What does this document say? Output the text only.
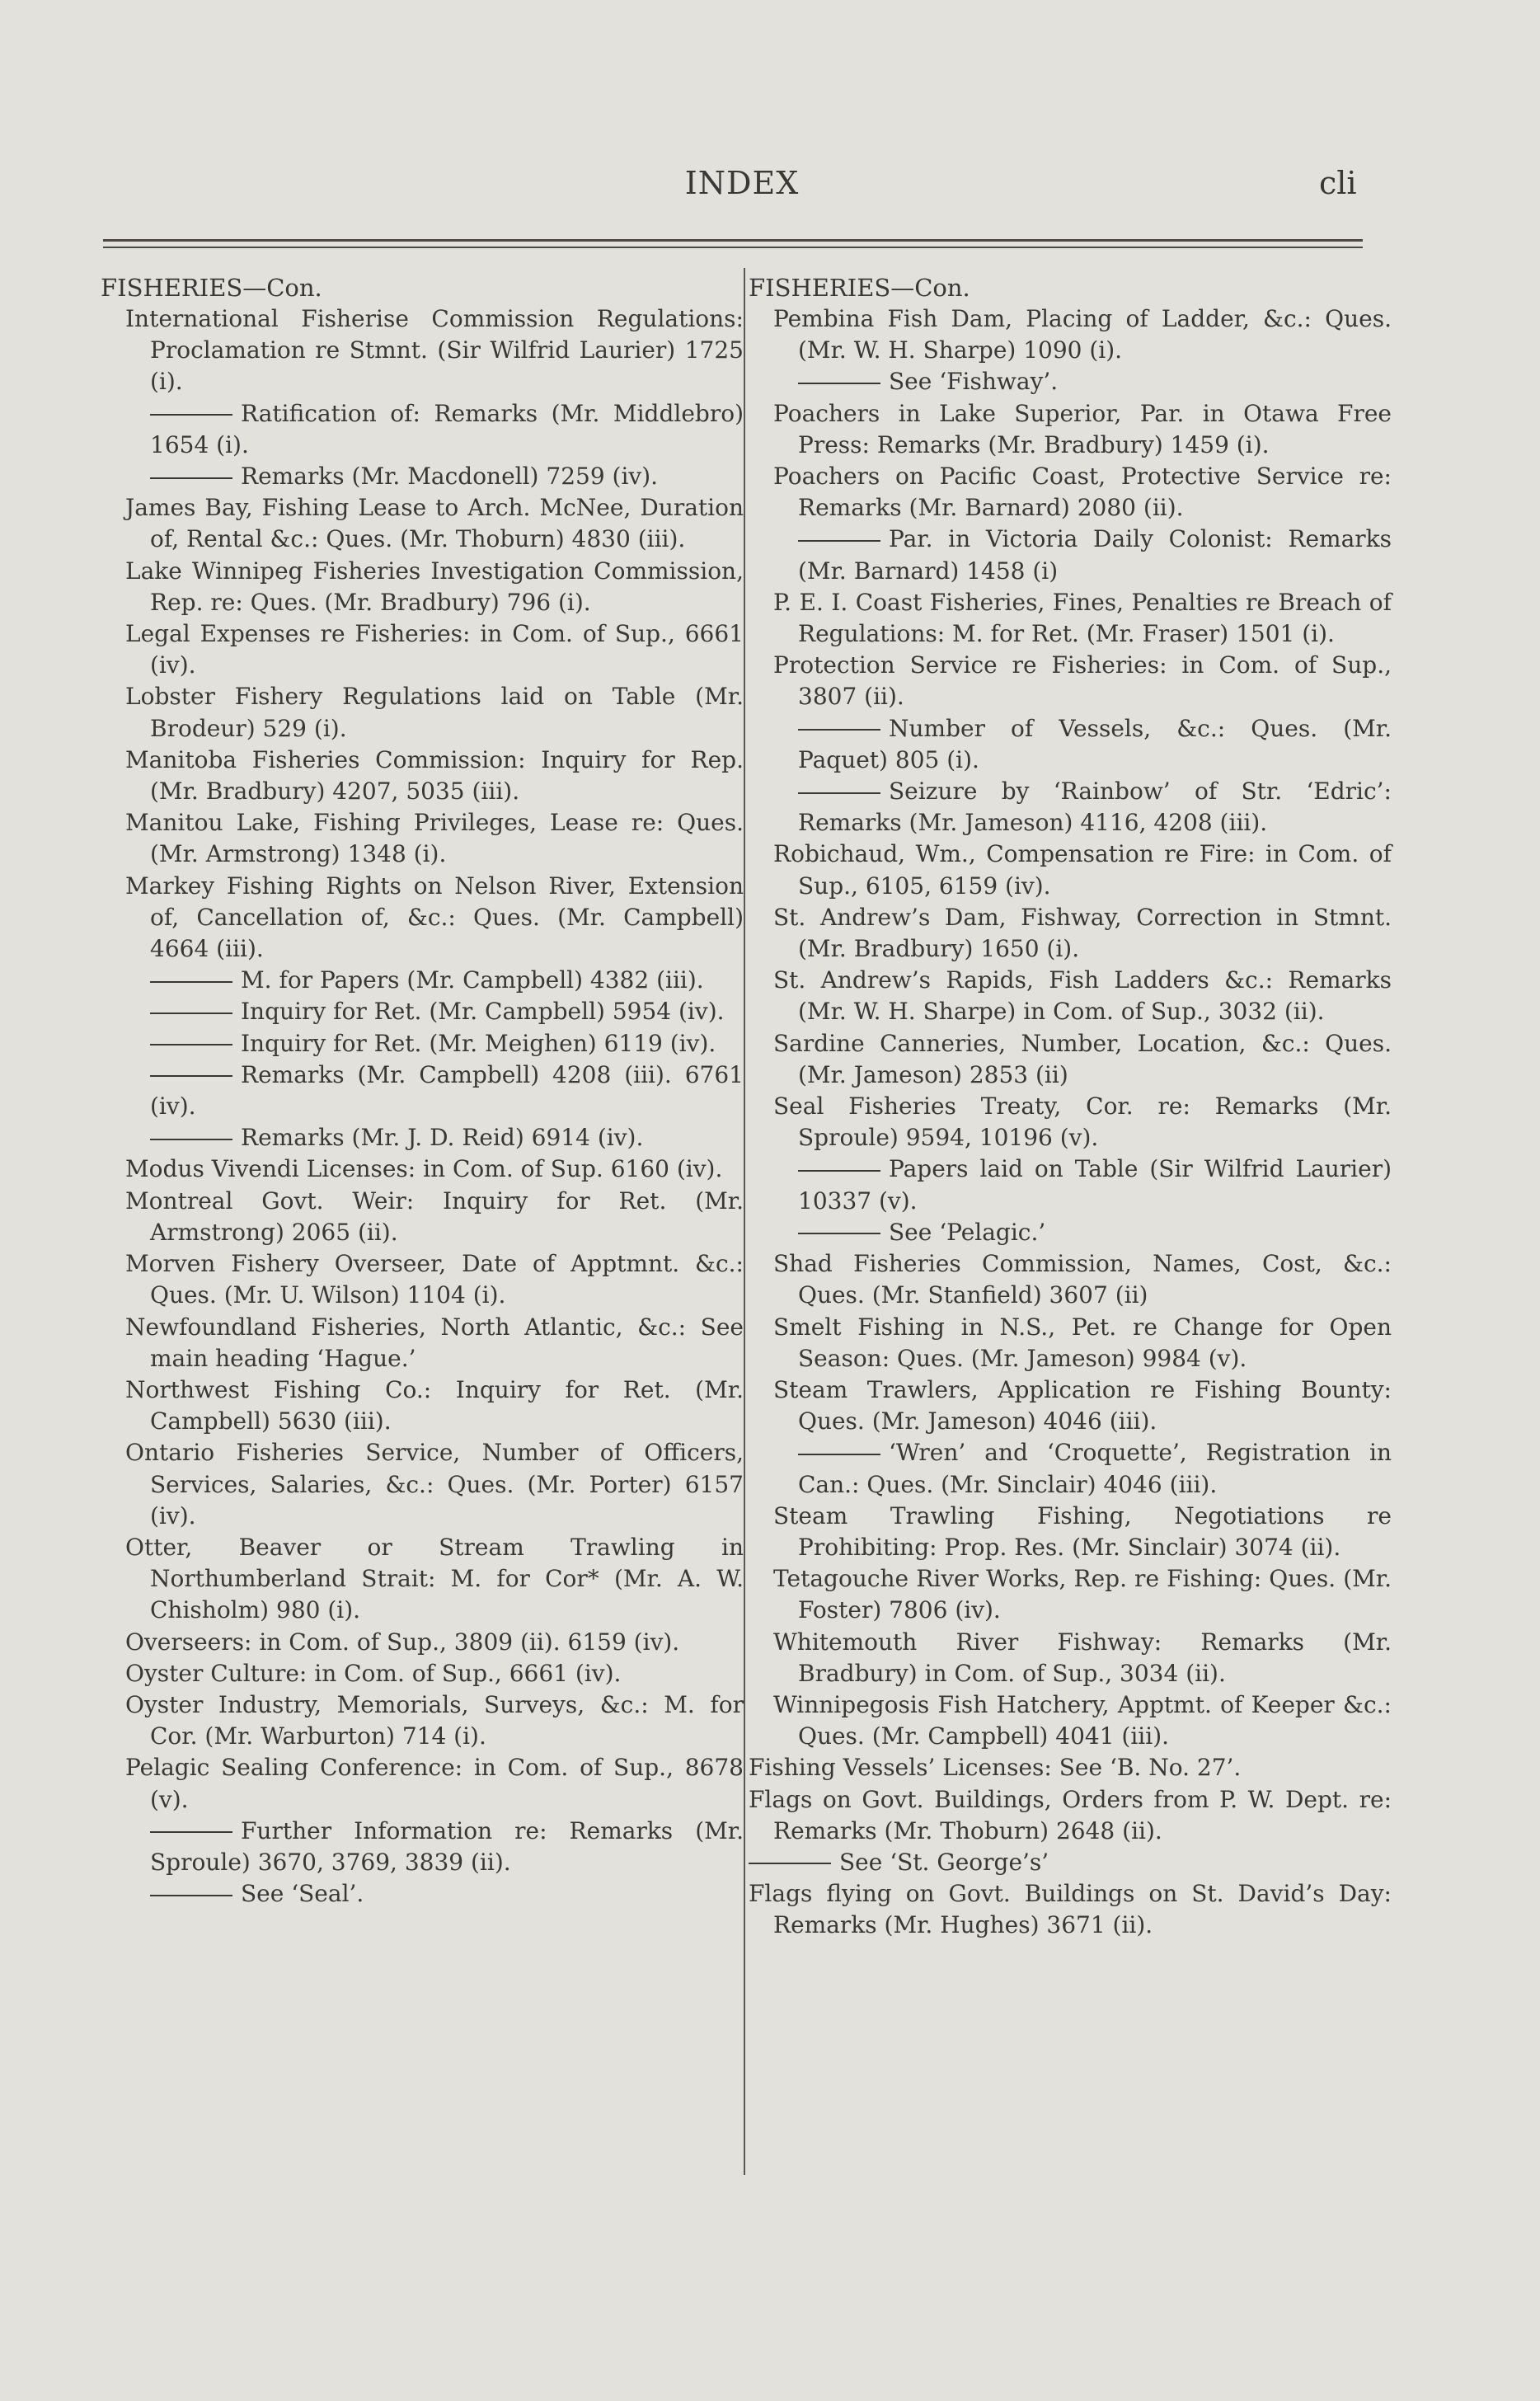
INDEX	cli

FISHERIES—Con.

International Fisherise Commission Regulations: Proclamation re Stmnt. (Sir Wilfrid Laurier) 1725 (i).

Ratification of: Remarks (Mr. Middlebro) 1654 (i).

Remarks (Mr. Macdonell) 7259 (iv).

James Bay, Fishing Lease to Arch. McNee, Duration of, Rental &c.: Ques. (Mr. Thoburn) 4830 (iii).

Lake Winnipeg Fisheries Investigation Commission, Rep. re: Ques. (Mr. Bradbury) 796 (i).

Legal Expenses re Fisheries: in Com. of Sup., 6661 (iv).

Lobster Fishery Regulations laid on Table (Mr. Brodeur) 529 (i).

Manitoba Fisheries Commission: Inquiry for Rep. (Mr. Bradbury) 4207, 5035 (iii).

Manitou Lake, Fishing Privileges, Lease re: Ques. (Mr. Armstrong) 1348 (i).

Markey Fishing Rights on Nelson River, Extension of, Cancellation of, &c.: Ques. (Mr. Campbell) 4664 (iii).

M. for Papers (Mr. Campbell) 4382 (iii).

Inquiry for Ret. (Mr. Campbell) 5954 (iv).

Inquiry for Ret. (Mr. Meighen) 6119 (iv).

Remarks (Mr. Campbell) 4208 (iii). 6761 (iv).

Remarks (Mr. J. D. Reid) 6914 (iv).

Modus Vivendi Licenses: in Com. of Sup. 6160 (iv).

Montreal Govt. Weir: Inquiry for Ret. (Mr. Armstrong) 2065 (ii).

Morven Fishery Overseer, Date of Apptmnt. &c.: Ques. (Mr. U. Wilson) 1104 (i).

Newfoundland Fisheries, North Atlantic, &c.: See main heading ‘Hague.’

Northwest Fishing Co.: Inquiry for Ret. (Mr. Campbell) 5630 (iii).

Ontario Fisheries Service, Number of Officers, Services, Salaries, &c.: Ques. (Mr. Porter) 6157 (iv).

Otter, Beaver or Stream Trawling in Northumberland Strait: M. for Cor* (Mr. A. W. Chisholm) 980 (i).

Overseers: in Com. of Sup., 3809 (ii). 6159 (iv).

Oyster Culture: in Com. of Sup., 6661 (iv).

Oyster Industry, Memorials, Surveys, &c.: M. for Cor. (Mr. Warburton) 714 (i).

Pelagic Sealing Conference: in Com. of Sup., 8678 (v).

Further Information re: Remarks (Mr. Sproule) 3670, 3769, 3839 (ii).

See ‘Seal’.

FISHERIES—Con.

Pembina Fish Dam, Placing of Ladder, &c.: Ques. (Mr. W. H. Sharpe) 1090 (i).

See ‘Fishway’.

Poachers in Lake Superior, Par. in Otawa Free Press: Remarks (Mr. Bradbury) 1459 (i).

Poachers on Pacific Coast, Protective Service re: Remarks (Mr. Barnard) 2080 (ii).

Par. in Victoria Daily Colonist: Remarks (Mr. Barnard) 1458 (i)

P. E. I. Coast Fisheries, Fines, Penalties re Breach of Regulations: M. for Ret. (Mr. Fraser) 1501 (i).

Protection Service re Fisheries: in Com. of Sup., 3807 (ii).

Number of Vessels, &c.: Ques. (Mr. Paquet) 805 (i).

Seizure by ‘Rainbow’ of Str. ‘Edric’: Remarks (Mr. Jameson) 4116, 4208 (iii).

Robichaud, Wm., Compensation re Fire: in Com. of Sup., 6105, 6159 (iv).

St. Andrew’s Dam, Fishway, Correction in Stmnt. (Mr. Bradbury) 1650 (i).

St. Andrew’s Rapids, Fish Ladders &c.: Remarks (Mr. W. H. Sharpe) in Com. of Sup., 3032 (ii).

Sardine Canneries, Number, Location, &c.: Ques. (Mr. Jameson) 2853 (ii)

Seal Fisheries Treaty, Cor. re: Remarks (Mr. Sproule) 9594, 10196 (v).

Papers laid on Table (Sir Wilfrid Laurier) 10337 (v).

See ‘Pelagic.’

Shad Fisheries Commission, Names, Cost, &c.: Ques. (Mr. Stanfield) 3607 (ii)

Smelt Fishing in N.S., Pet. re Change for Open Season: Ques. (Mr. Jameson) 9984 (v).

Steam Trawlers, Application re Fishing Bounty: Ques. (Mr. Jameson) 4046 (iii).

‘Wren’ and ‘Croquette’, Registration in Can.: Ques. (Mr. Sinclair) 4046 (iii).

Steam Trawling Fishing, Negotiations re Prohibiting: Prop. Res. (Mr. Sinclair) 3074 (ii).

Tetagouche River Works, Rep. re Fishing: Ques. (Mr. Foster) 7806 (iv).

Whitemouth River Fishway: Remarks (Mr. Bradbury) in Com. of Sup., 3034 (ii).

Winnipegosis Fish Hatchery, Apptmt. of Keeper &c.: Ques. (Mr. Campbell) 4041 (iii).

Fishing Vessels’ Licenses: See ‘B. No. 27’.

Flags on Govt. Buildings, Orders from P. W. Dept. re: Remarks (Mr. Thoburn) 2648 (ii).

See ‘St. George’s’

Flags flying on Govt. Buildings on St. David’s Day: Remarks (Mr. Hughes) 3671 (ii).
